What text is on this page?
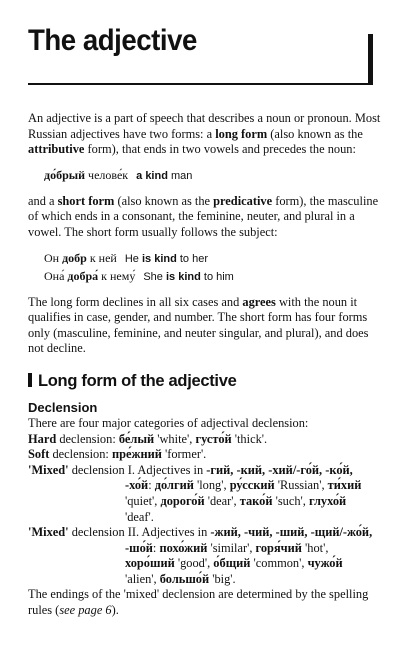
The adjective

An adjective is a part of speech that describes a noun or pronoun. Most Russian adjectives have two forms: a long form (also known as the attributive form), that ends in two vowels and precedes the noun:

до́брый челове́к a kind man

and a short form (also known as the predicative form), the masculine of which ends in a consonant, the feminine, neuter, and plural in a vowel. The short form usually follows the subject:

Он добр к ней He is kind to her
Она́ добра́ к нему́ She is kind to him

The long form declines in all six cases and agrees with the noun it qualifies in case, gender, and number. The short form has four forms only (masculine, feminine, and neuter singular, and plural), and does not decline.

Long form of the adjective
Declension

There are four major categories of adjectival declension:

Hard declension: бе́лый 'white', густо́й 'thick'.

Soft declension: пре́жний 'former'.

'Mixed' declension I. Adjectives in -гий, -кий, -хий/-го́й, -ко́й,

-хо́й: до́лгий 'long', ру́сский 'Russian', ти́хий

'quiet', дорого́й 'dear', тако́й 'such', глухо́й

'deaf'.

'Mixed' declension II. Adjectives in -жий, -чий, -ший, -щий/-жо́й,

-шо́й: похо́жий 'similar', горя́чий 'hot',

хоро́ший 'good', о́бщий 'common', чужо́й

'alien', большо́й 'big'.

The endings of the 'mixed' declension are determined by the spelling rules (see page 6).
